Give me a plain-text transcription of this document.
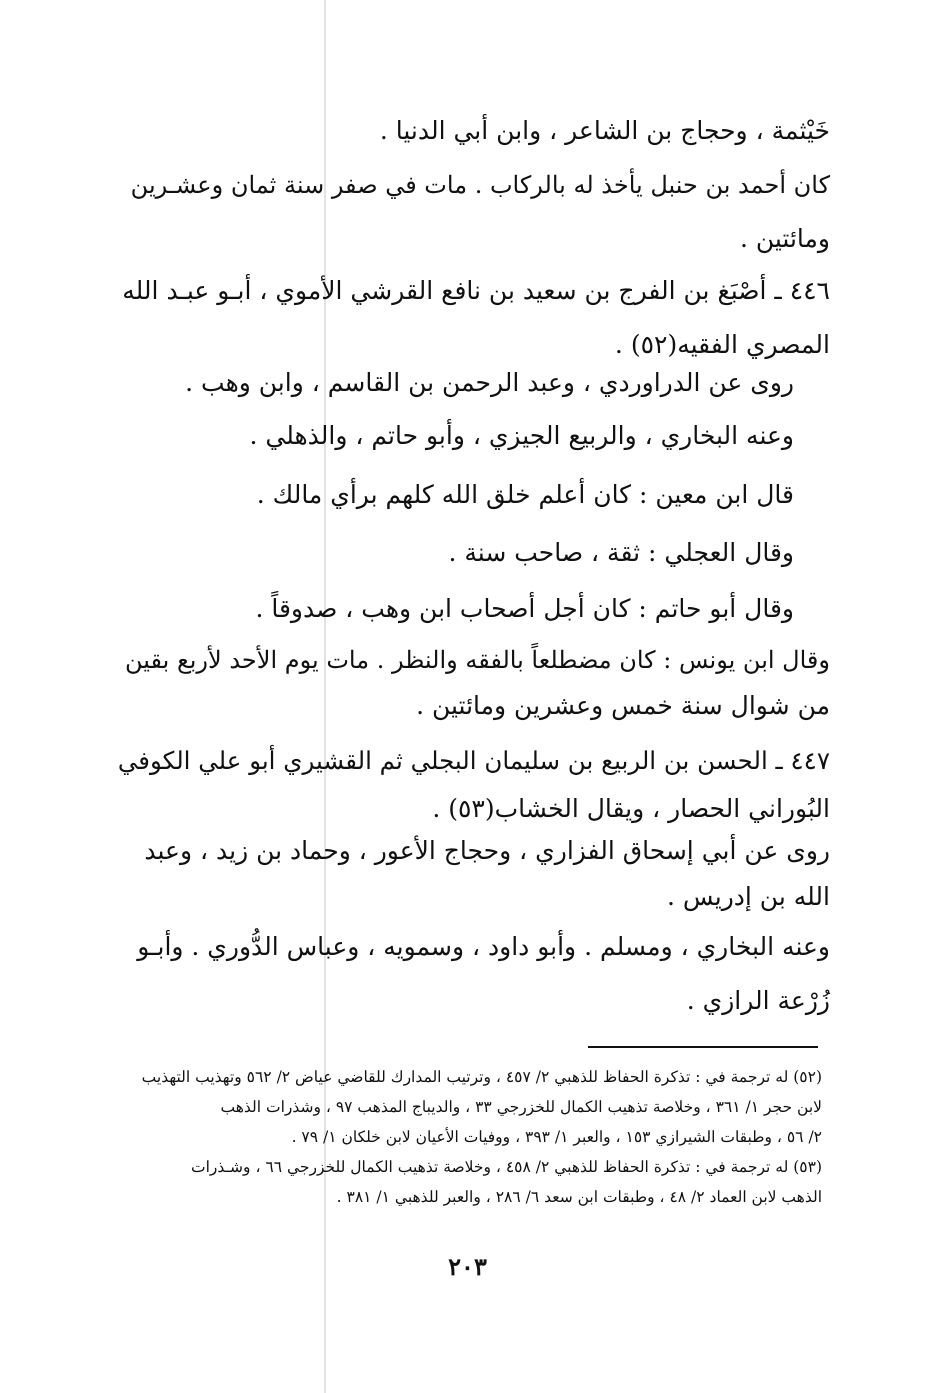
خَيْثمة ، وحجاج بن الشاعر ، وابن أبي الدنيا .
كان أحمد بن حنبل يأخذ له بالركاب . مات في صفر سنة ثمان وعشـرين
ومائتين .
٤٤٦ ـ أصْبَغ بن الفرج بن سعيد بن نافع القرشي الأموي ، أبـو عبـد الله
المصري الفقيه(٥٢) .
روى عن الدراوردي ، وعبد الرحمن بن القاسم ، وابن وهب .
وعنه البخاري ، والربيع الجيزي ، وأبو حاتم ، والذهلي .
قال ابن معين : كان أعلم خلق الله كلهم برأي مالك .
وقال العجلي : ثقة ، صاحب سنة .
وقال أبو حاتم : كان أجل أصحاب ابن وهب ، صدوقاً .
وقال ابن يونس : كان مضطلعاً بالفقه والنظر . مات يوم الأحد لأربع بقين
من شوال سنة خمس وعشرين ومائتين .
٤٤٧ ـ الحسن بن الربيع بن سليمان البجلي ثم القشيري أبو علي الكوفي
البُوراني الحصار ، ويقال الخشاب(٥٣) .
روى عن أبي إسحاق الفزاري ، وحجاج الأعور ، وحماد بن زيد ، وعبد
الله بن إدريس .
وعنه البخاري ، ومسلم . وأبو داود ، وسمويه ، وعباس الدُّوري . وأبـو
زُرْعة الرازي .
(٥٢) له ترجمة في : تذكرة الحفاظ للذهبي ٢/ ٤٥٧ ، وترتيب المدارك للقاضي عياض ٢/ ٥٦٢ وتهذيب التهذيب
لابن حجر ١/ ٣٦١ ، وخلاصة تذهيب الكمال للخزرجي ٣٣ ، والديباج المذهب ٩٧ ، وشذرات الذهب
٢/ ٥٦ ، وطبقات الشيرازي ١٥٣ ، والعبر ١/ ٣٩٣ ، ووفيات الأعيان لابن خلكان ١/ ٧٩ .
(٥٣) له ترجمة في : تذكرة الحفاظ للذهبي ٢/ ٤٥٨ ، وخلاصة تذهيب الكمال للخزرجي ٦٦ ، وشـذرات
الذهب لابن العماد ٢/ ٤٨ ، وطبقات ابن سعد ٦/ ٢٨٦ ، والعبر للذهبي ١/ ٣٨١ .
٢٠٣
